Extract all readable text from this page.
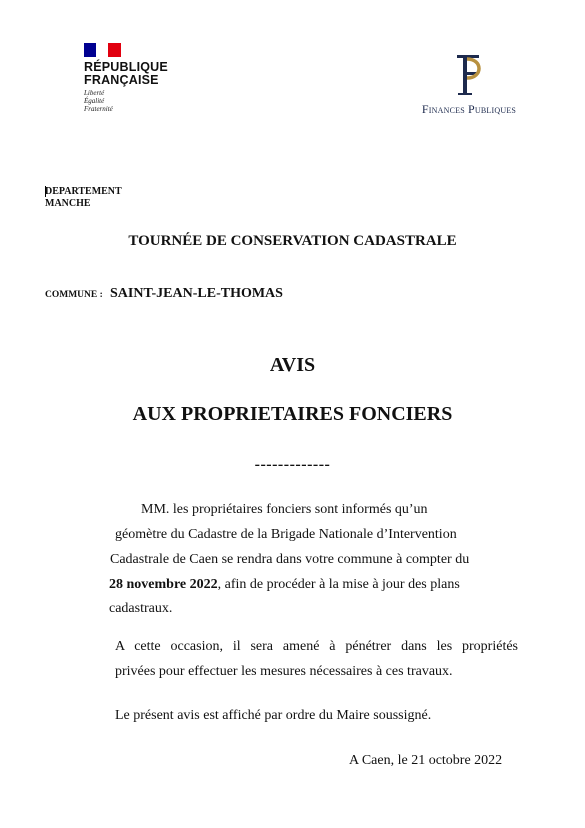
RÉPUBLIQUE
FRANÇAISE
Liberté
Égalité
Fraternité	Finances Publiques
DEPARTEMENT
MANCHE
TOURNÉE DE CONSERVATION CADASTRALE
COMMUNE : SAINT-JEAN-LE-THOMAS
AVIS
AUX PROPRIETAIRES FONCIERS
-------------
MM. les propriétaires fonciers sont informés qu’un
géomètre du Cadastre de la Brigade Nationale d’Intervention
Cadastrale de Caen se rendra dans votre commune à compter du
28 novembre 2022, afin de procéder à la mise à jour des plans
cadastraux.
A cette occasion, il sera amené à pénétrer dans les propriétés
privées pour effectuer les mesures nécessaires à ces travaux.
Le présent avis est affiché par ordre du Maire soussigné.
A Caen, le 21 octobre 2022
